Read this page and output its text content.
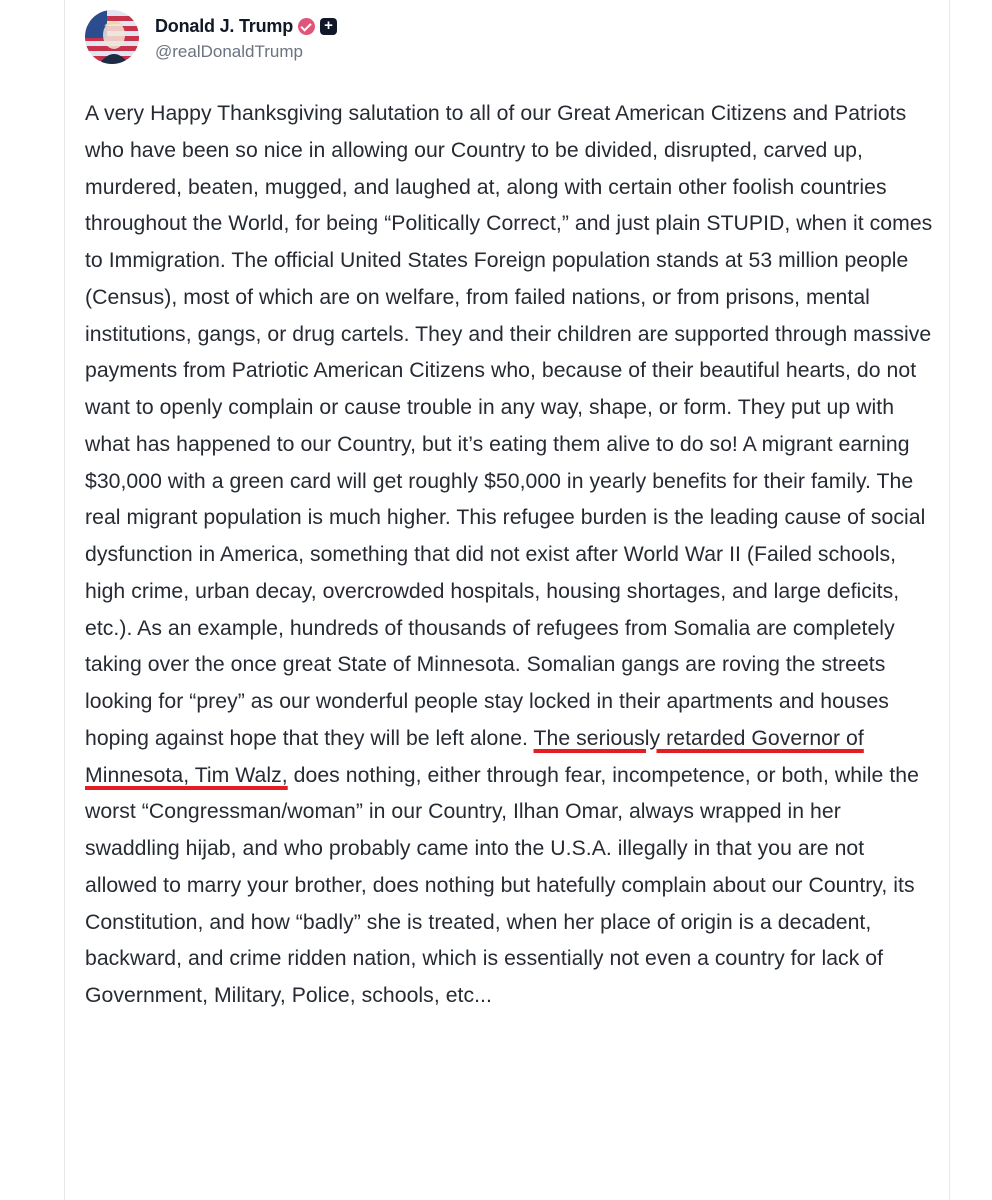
Donald J. Trump +
@realDonaldTrump

A very Happy Thanksgiving salutation to all of our Great American Citizens and Patriots who have been so nice in allowing our Country to be divided, disrupted, carved up, murdered, beaten, mugged, and laughed at, along with certain other foolish countries throughout the World, for being “Politically Correct,” and just plain STUPID, when it comes to Immigration. The official United States Foreign population stands at 53 million people (Census), most of which are on welfare, from failed nations, or from prisons, mental institutions, gangs, or drug cartels. They and their children are supported through massive payments from Patriotic American Citizens who, because of their beautiful hearts, do not want to openly complain or cause trouble in any way, shape, or form. They put up with what has happened to our Country, but it’s eating them alive to do so! A migrant earning $30,000 with a green card will get roughly $50,000 in yearly benefits for their family. The real migrant population is much higher. This refugee burden is the leading cause of social dysfunction in America, something that did not exist after World War II (Failed schools, high crime, urban decay, overcrowded hospitals, housing shortages, and large deficits, etc.). As an example, hundreds of thousands of refugees from Somalia are completely taking over the once great State of Minnesota. Somalian gangs are roving the streets looking for “prey” as our wonderful people stay locked in their apartments and houses hoping against hope that they will be left alone. The seriously retarded Governor of Minnesota, Tim Walz, does nothing, either through fear, incompetence, or both, while the worst “Congressman/woman” in our Country, Ilhan Omar, always wrapped in her swaddling hijab, and who probably came into the U.S.A. illegally in that you are not allowed to marry your brother, does nothing but hatefully complain about our Country, its Constitution, and how “badly” she is treated, when her place of origin is a decadent, backward, and crime ridden nation, which is essentially not even a country for lack of Government, Military, Police, schools, etc...
